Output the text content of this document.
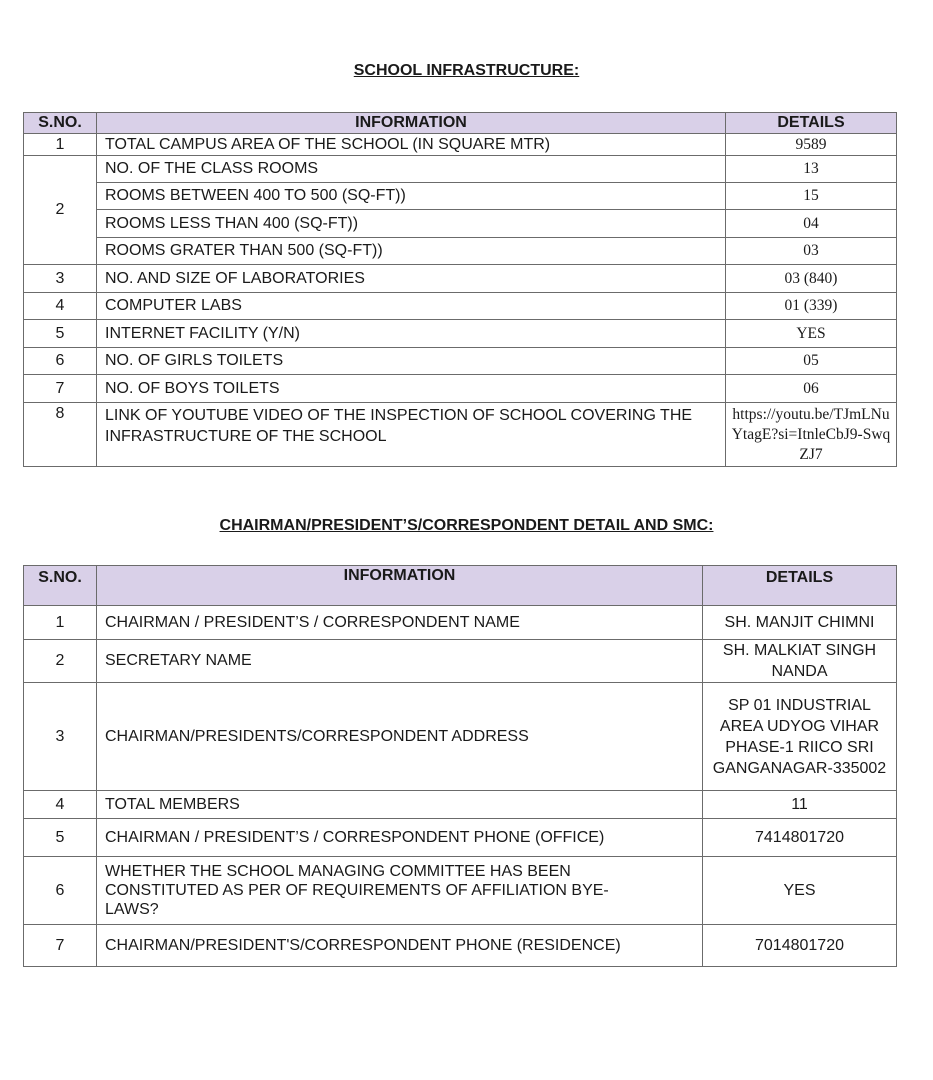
SCHOOL INFRASTRUCTURE:
S.NO.	INFORMATION	DETAILS
1	TOTAL CAMPUS AREA OF THE SCHOOL (IN SQUARE MTR)	9589
2	NO. OF THE CLASS ROOMS	13
	ROOMS BETWEEN 400 TO 500 (SQ-FT))	15
	ROOMS LESS THAN 400 (SQ-FT))	04
	ROOMS GRATER THAN 500 (SQ-FT))	03
3	NO. AND SIZE OF LABORATORIES	03 (840)
4	COMPUTER LABS	01 (339)
5	INTERNET FACILITY (Y/N)	YES
6	NO. OF GIRLS TOILETS	05
7	NO. OF BOYS TOILETS	06
8	LINK OF YOUTUBE VIDEO OF THE INSPECTION OF SCHOOL COVERING THE INFRASTRUCTURE OF THE SCHOOL	https://youtu.be/TJmLNuYtagE?si=ItnleCbJ9-SwqZJ7
CHAIRMAN/PRESIDENT’S/CORRESPONDENT DETAIL AND SMC:
S.NO.	INFORMATION	DETAILS
1	CHAIRMAN / PRESIDENT’S / CORRESPONDENT NAME	SH. MANJIT CHIMNI
2	SECRETARY NAME	SH. MALKIAT SINGH NANDA
3	CHAIRMAN/PRESIDENTS/CORRESPONDENT ADDRESS	SP 01 INDUSTRIAL AREA UDYOG VIHAR PHASE-1 RIICO SRI GANGANAGAR-335002
4	TOTAL MEMBERS	11
5	CHAIRMAN / PRESIDENT’S / CORRESPONDENT PHONE (OFFICE)	7414801720
6	WHETHER THE SCHOOL MANAGING COMMITTEE HAS BEEN CONSTITUTED AS PER OF REQUIREMENTS OF AFFILIATION BYE-LAWS?	YES
7	CHAIRMAN/PRESIDENT'S/CORRESPONDENT PHONE (RESIDENCE)	7014801720
